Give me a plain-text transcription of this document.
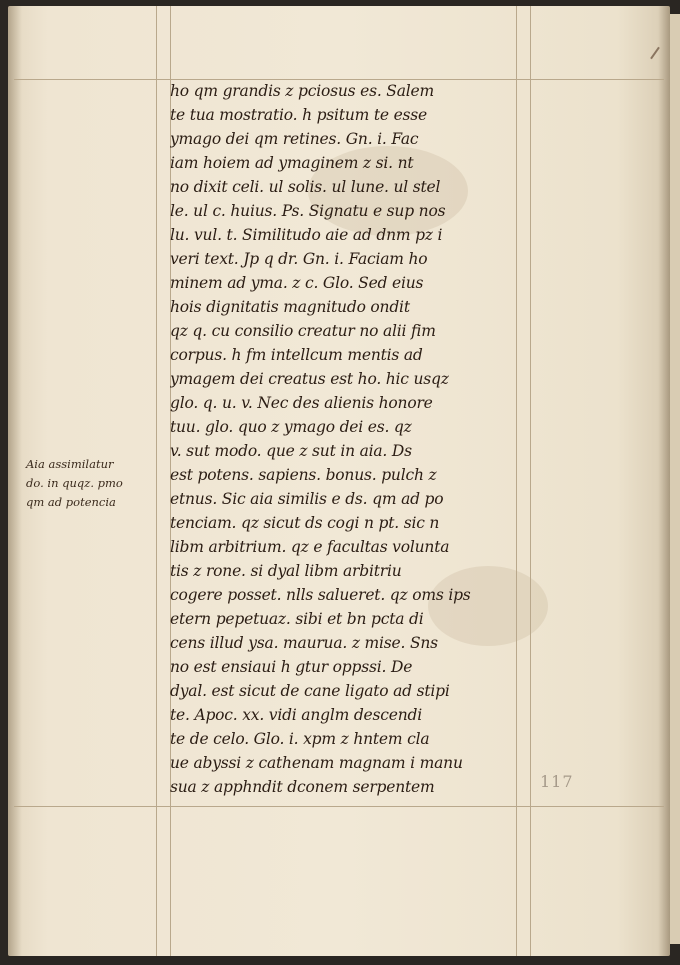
ho qm grandis z pciosus es. Salem
te tua mostratio. h psitum te esse
ymago dei qm retines. Gn. i. Fac
iam hoiem ad ymaginem z si. nt
no dixit celi. ul solis. ul lune. ul stel
le. ul c. huius. Ps. Signatu e sup nos
lu. vul. t. Similitudo aie ad dnm pz i
veri text. Jp q dr. Gn. i. Faciam ho
minem ad yma. z c. Glo. Sed eius
hois dignitatis magnitudo ondit
qz q. cu consilio creatur no alii fim
corpus. h fm intellcum mentis ad
ymagem dei creatus est ho. hic usqz
glo. q. u. v. Nec des alienis honore
tuu. glo. quo z ymago dei es. qz
v. sut modo. que z sut in aia. Ds
est potens. sapiens. bonus. pulch z
etnus. Sic aia similis e ds. qm ad po
tenciam. qz sicut ds cogi n pt. sic n
libm arbitrium. qz e facultas volunta
tis z rone. si dyal libm arbitriu
cogere posset. nlls salueret. qz oms ips
etern pepetuaz. sibi et bn pcta di
cens illud ysa. maurua. z mise. Sns
no est ensiaui h gtur oppssi. De
dyal. est sicut de cane ligato ad stipi
te. Apoc. xx. vidi anglm descendi
te de celo. Glo. i. xpm z hntem cla
ue abyssi z cathenam magnam i manu
sua z apphndit dconem serpentem
Aia assimilatur
do. in quqz. pmo
qm ad potencia
117
